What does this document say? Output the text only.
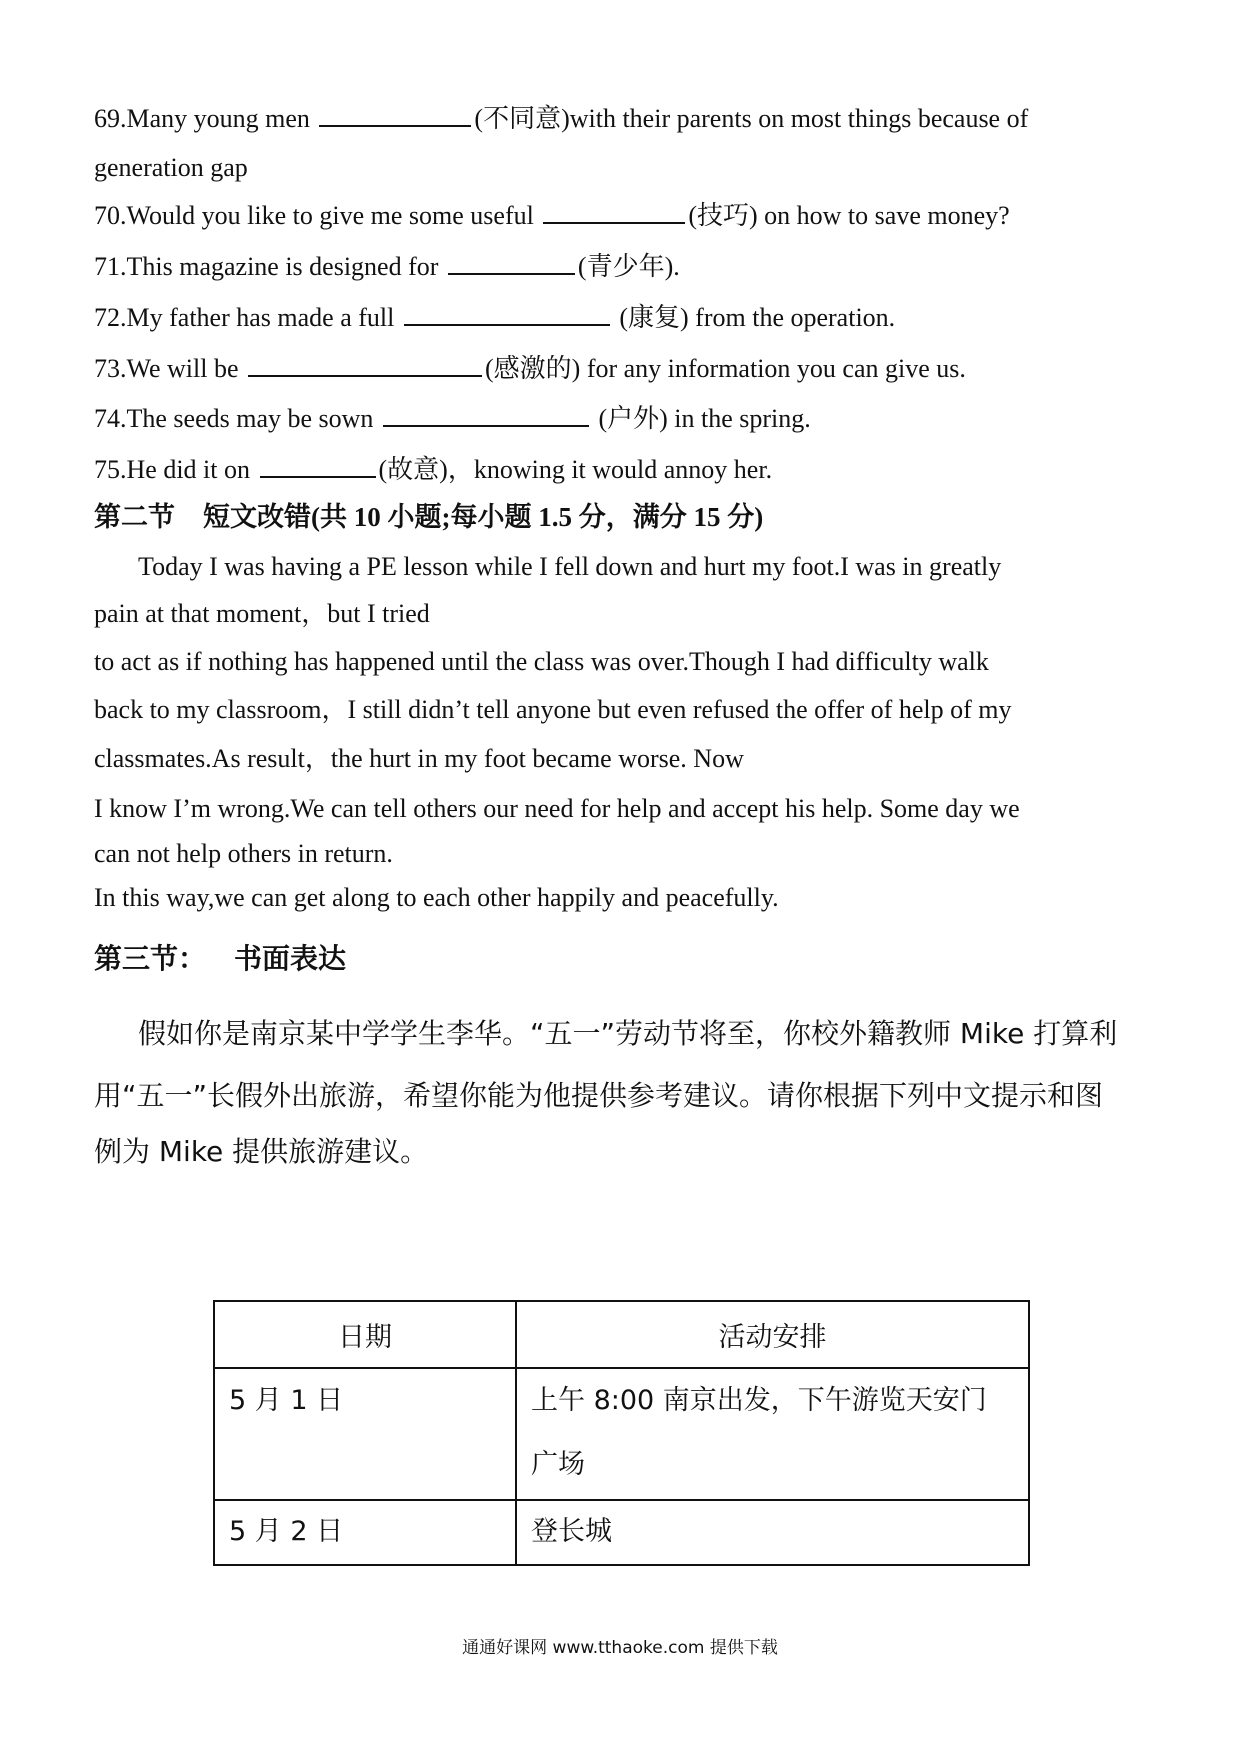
69.Many young men	(不同意)with their parents on most things because of
generation gap
70.Would you like to give me some useful	(技巧) on how to save money?
71.This magazine is designed for	(青少年).
72.My father has made a full	(康复) from the operation.
73.We will be	(感激的) for any information you can give us.
74.The seeds may be sown	(户外) in the spring.
75.He did it on	(故意)，knowing it would annoy her.
第二节 短文改错(共 10 小题;每小题 1.5 分，满分 15 分)
Today I was having a PE lesson while I fell down and hurt my foot.I was in greatly
pain at that moment，but I tried
to act as if nothing has happened until the class was over.Though I had difficulty walk
back to my classroom，I still didn’t tell anyone but even refused the offer of help of my
classmates.As result，the hurt in my foot became worse. Now
I know I’m wrong.We can tell others our need for help and accept his help. Some day we
can not help others in return.
In this way,we can get along to each other happily and peacefully.
第三节： 书面表达
假如你是南京某中学学生李华。“五一”劳动节将至，你校外籍教师 Mike 打算利
用“五一”长假外出旅游，希望你能为他提供参考建议。请你根据下列中文提示和图
例为 Mike 提供旅游建议。
日期	活动安排
5 月 1 日	上午 8:00 南京出发，下午游览天安门
广场

5 月 2 日	登长城
通通好课网 www.tthaoke.com 提供下载
